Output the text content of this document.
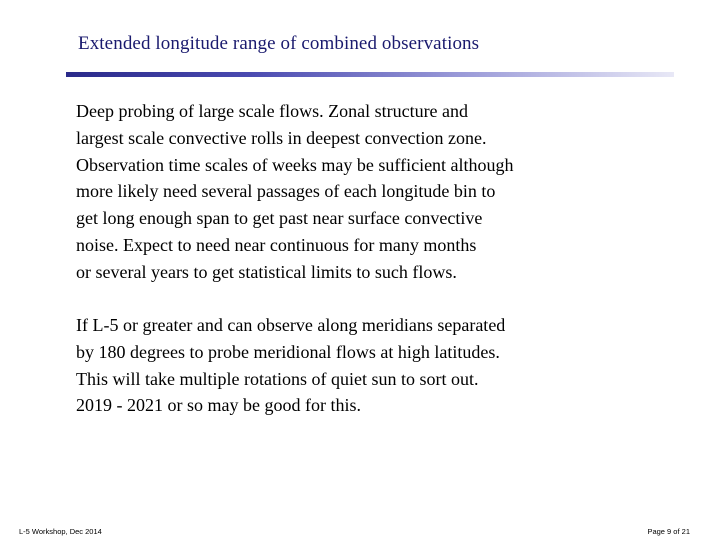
Extended longitude range of combined observations

Deep probing of large scale flows. Zonal structure and
largest scale convective rolls in deepest convection zone.
Observation time scales of weeks may be sufficient although
more likely need several passages of each longitude bin to
get long enough span to get past near surface convective
noise. Expect to need near continuous for many months
or several years to get statistical limits to such flows.

If L-5 or greater and can observe along meridians separated
by 180 degrees to probe meridional flows at high latitudes.
This will take multiple rotations of quiet sun to sort out.
2019 - 2021 or so may be good for this.

L-5 Workshop, Dec 2014	Page 9 of 21
